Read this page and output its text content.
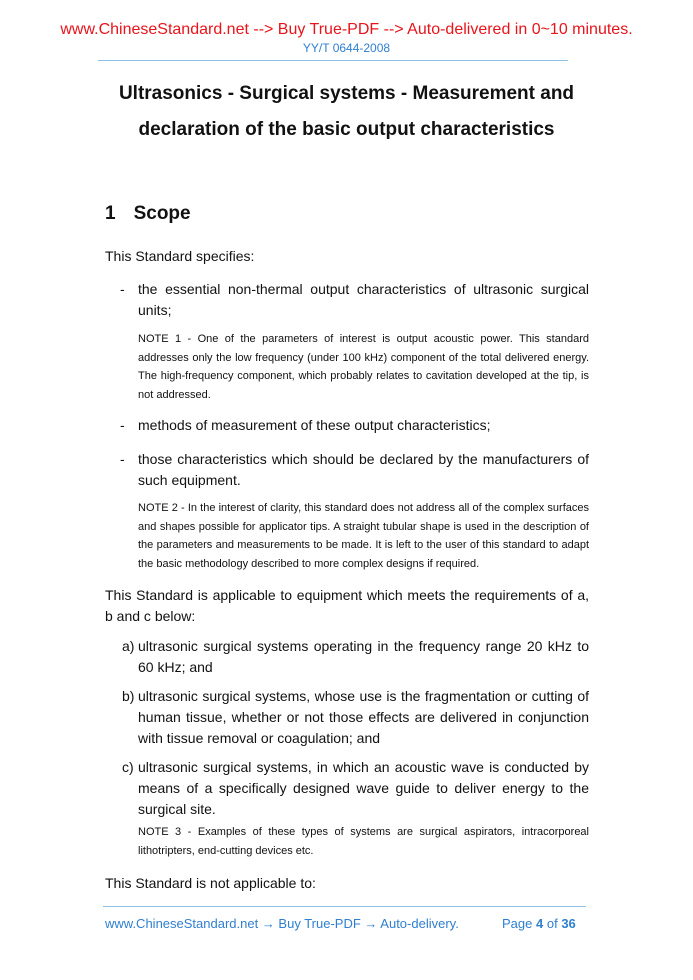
www.ChineseStandard.net --> Buy True-PDF --> Auto-delivered in 0~10 minutes.
YY/T 0644-2008
Ultrasonics - Surgical systems - Measurement and
declaration of the basic output characteristics
1 Scope
This Standard specifies:
- the essential non-thermal output characteristics of ultrasonic surgical units;
NOTE 1 - One of the parameters of interest is output acoustic power. This standard addresses only the low frequency (under 100 kHz) component of the total delivered energy. The high-frequency component, which probably relates to cavitation developed at the tip, is not addressed.
- methods of measurement of these output characteristics;
- those characteristics which should be declared by the manufacturers of such equipment.
NOTE 2 - In the interest of clarity, this standard does not address all of the complex surfaces and shapes possible for applicator tips. A straight tubular shape is used in the description of the parameters and measurements to be made. It is left to the user of this standard to adapt the basic methodology described to more complex designs if required.
This Standard is applicable to equipment which meets the requirements of a, b and c below:
a) ultrasonic surgical systems operating in the frequency range 20 kHz to 60 kHz; and
b) ultrasonic surgical systems, whose use is the fragmentation or cutting of human tissue, whether or not those effects are delivered in conjunction with tissue removal or coagulation; and
c) ultrasonic surgical systems, in which an acoustic wave is conducted by means of a specifically designed wave guide to deliver energy to the surgical site.
NOTE 3 - Examples of these types of systems are surgical aspirators, intracorporeal lithotripters, end-cutting devices etc.
This Standard is not applicable to:
www.ChineseStandard.net → Buy True-PDF → Auto-delivery.	Page 4 of 36
